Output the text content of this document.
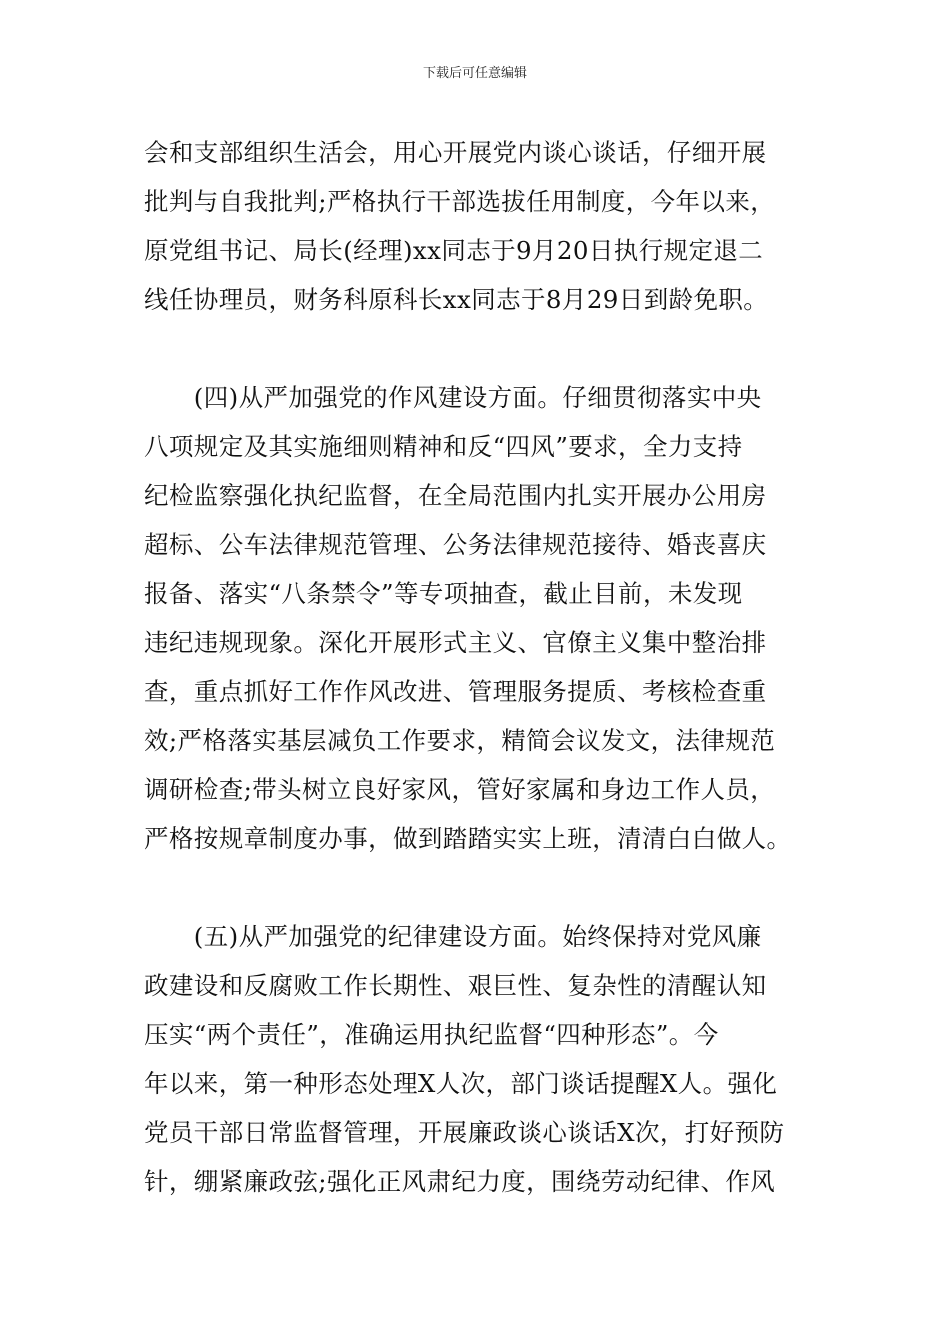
下载后可任意编辑
会和支部组织生活会，用心开展党内谈心谈话，仔细开展
批判与自我批判;严格执行干部选拔任用制度，今年以来，
原党组书记、局长(经理)xx同志于9月20日执行规定退二
线任协理员，财务科原科长xx同志于8月29日到龄免职。
　　(四)从严加强党的作风建设方面。仔细贯彻落实中央
八项规定及其实施细则精神和反“四风”要求，全力支持
纪检监察强化执纪监督，在全局范围内扎实开展办公用房
超标、公车法律规范管理、公务法律规范接待、婚丧喜庆
报备、落实“八条禁令”等专项抽查，截止目前，未发现
违纪违规现象。深化开展形式主义、官僚主义集中整治排
查，重点抓好工作作风改进、管理服务提质、考核检查重
效;严格落实基层减负工作要求，精简会议发文，法律规范
调研检查;带头树立良好家风，管好家属和身边工作人员，
严格按规章制度办事，做到踏踏实实上班，清清白白做人。
　　(五)从严加强党的纪律建设方面。始终保持对党风廉
政建设和反腐败工作长期性、艰巨性、复杂性的清醒认知
压实“两个责任”，准确运用执纪监督“四种形态”。今
年以来，第一种形态处理X人次，部门谈话提醒X人。强化
党员干部日常监督管理，开展廉政谈心谈话X次，打好预防
针，绷紧廉政弦;强化正风肃纪力度，围绕劳动纪律、作风
